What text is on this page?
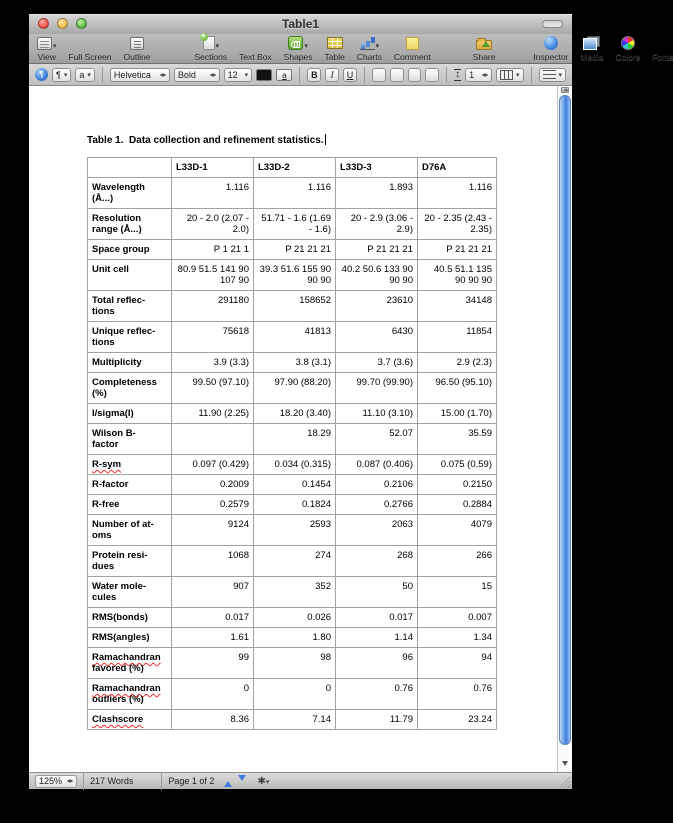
Table1
▾
View Full Screen Outline
+
▾
Sections Text Box
▾
Shapes Table
▾
Charts Comment	Share	Inspector Media Colors Fonts
¶	¶ ▾ a ▾	Helvetica	Bold	12 ▾	a	B	I	U	↕ 1	▾	▾
Table 1.  Data collection and refinement statistics.
	L33D-1	L33D-2	L33D-3	D76A

Wavelength
(Å...)	1.116	1.116	1.893	1.116

Resolution
range (Å...)	20 - 2.0 (2.07 - 2.0)	51.71 - 1.6 (1.69 - 1.6)	20 - 2.9 (3.06 - 2.9)	20 - 2.35 (2.43 - 2.35)

Space group	P 1 21 1	P 21 21 21	P 21 21 21	P 21 21 21

Unit cell	80.9 51.5 141 90 107 90	39.3 51.6 155 90 90 90	40.2 50.6 133 90 90 90	40.5 51.1 135 90 90 90

Total reflec-
tions	291180	158652	23610	34148

Unique reflec-
tions	75618	41813	6430	11854

Multiplicity	3.9 (3.3)	3.8 (3.1)	3.7 (3.6)	2.9 (2.3)

Completeness
(%)	99.50 (97.10)	97.90 (88.20)	99.70 (99.90)	96.50 (95.10)

I/sigma(I)	11.90 (2.25)	18.20 (3.40)	11.10 (3.10)	15.00 (1.70)

Wilson B-
factor		18.29	52.07	35.59

R-sym	0.097 (0.429)	0.034 (0.315)	0.087 (0.406)	0.075 (0.59)

R-factor	0.2009	0.1454	0.2106	0.2150

R-free	0.2579	0.1824	0.2766	0.2884

Number of at-
oms	9124	2593	2063	4079

Protein resi-
dues	1068	274	268	266

Water mole-
cules	907	352	50	15

RMS(bonds)	0.017	0.026	0.017	0.007

RMS(angles)	1.61	1.80	1.14	1.34

Ramachandran
favored (%)	99	98	96	94

Ramachandran
outliers (%)	0	0	0.76	0.76

Clashscore	8.36	7.14	11.79	23.24
125%	217 Words	Page 1 of 2	✱▾
